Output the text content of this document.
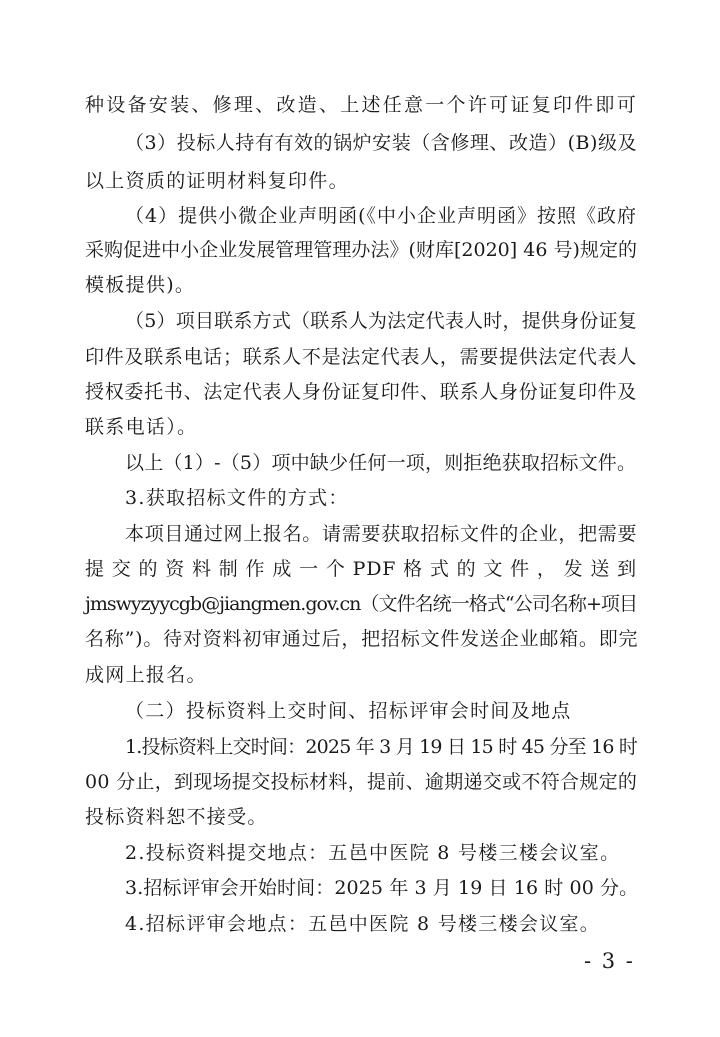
种设备安装、修理、改造、上述任意一个许可证复印件即可
（3）投标人持有有效的锅炉安装（含修理、改造）(B)级及
以上资质的证明材料复印件。
（4）提供小微企业声明函(《中小企业声明函》按照《政府
采购促进中小企业发展管理管理办法》(财库[2020] 46 号)规定的
模板提供)。
（5）项目联系方式（联系人为法定代表人时，提供身份证复
印件及联系电话；联系人不是法定代表人，需要提供法定代表人
授权委托书、法定代表人身份证复印件、联系人身份证复印件及
联系电话）。
以上（1）-（5）项中缺少任何一项，则拒绝获取招标文件。
3.获取招标文件的方式：
本项目通过网上报名。请需要获取招标文件的企业，把需要
提 交 的 资 料 制 作 成 一 个 PDF 格 式 的 文 件 ， 发 送 到
jmswyzyycgb@jiangmen.gov.cn（文件名统一格式“公司名称+项目
名称”)。待对资料初审通过后，把招标文件发送企业邮箱。即完
成网上报名。
（二）投标资料上交时间、招标评审会时间及地点
1.投标资料上交时间：2025 年 3 月 19 日 15 时 45 分至 16 时
00 分止，到现场提交投标材料，提前、逾期递交或不符合规定的
投标资料恕不接受。
2.投标资料提交地点：五邑中医院 8 号楼三楼会议室。
3.招标评审会开始时间：2025 年 3 月 19 日 16 时 00 分。
4.招标评审会地点：五邑中医院 8 号楼三楼会议室。
- 3 -
